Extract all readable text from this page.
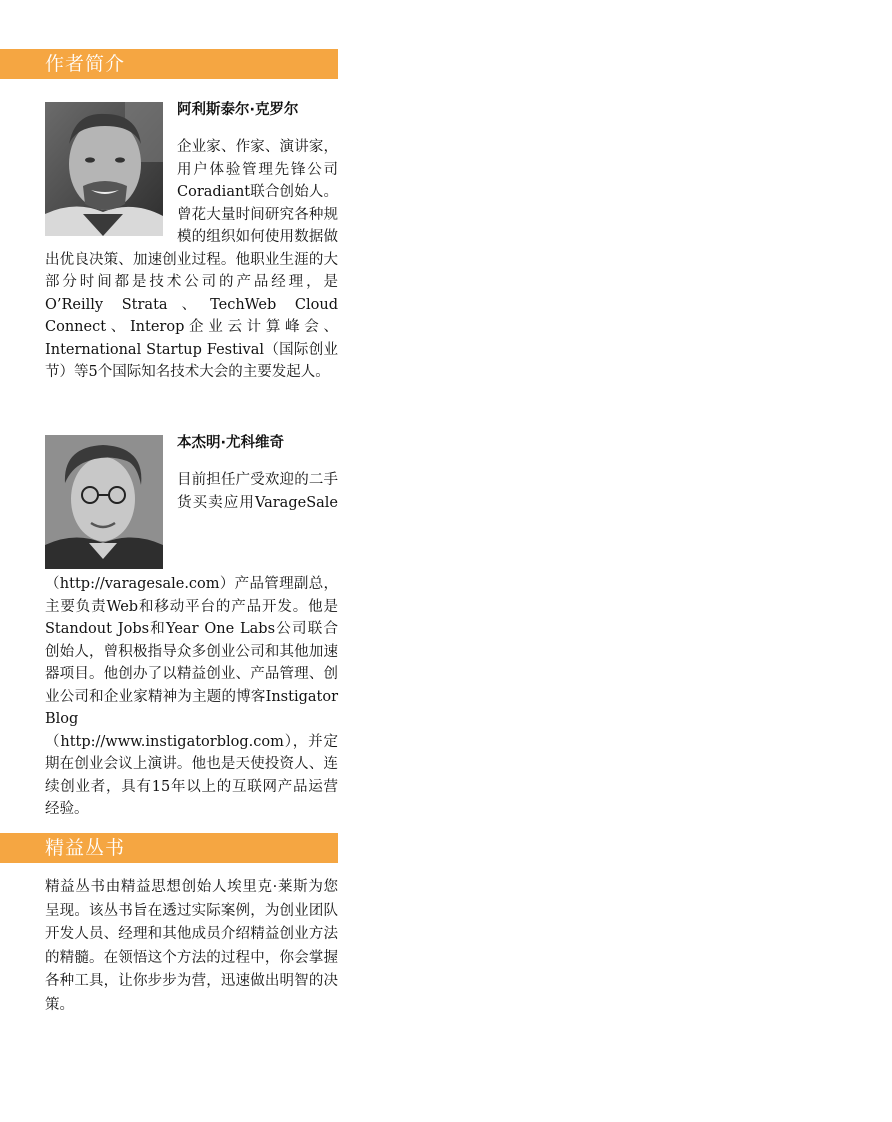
作者简介
阿利斯泰尔·克罗尔

企业家、作家、演讲家，用户体验管理先锋公司Coradiant联合创始人。曾花大量时间研究各种规模的组织如何使用数据做出优良决策、加速创业过程。他职业生涯的大部分时间都是技术公司的产品经理，是O’Reilly Strata、TechWeb Cloud Connect、Interop企业云计算峰会、International Startup Festival（国际创业节）等5个国际知名技术大会的主要发起人。

本杰明·尤科维奇

目前担任广受欢迎的二手货买卖应用VarageSale（http://varagesale.com）产品管理副总，主要负责Web和移动平台的产品开发。他是Standout Jobs和Year One Labs公司联合创始人，曾积极指导众多创业公司和其他加速器项目。他创办了以精益创业、产品管理、创业公司和企业家精神为主题的博客Instigator Blog（http://www.instigatorblog.com），并定期在创业会议上演讲。他也是天使投资人、连续创业者，具有15年以上的互联网产品运营经验。

精益丛书

精益丛书由精益思想创始人埃里克·莱斯为您呈现。该丛书旨在透过实际案例，为创业团队开发人员、经理和其他成员介绍精益创业方法的精髓。在领悟这个方法的过程中，你会掌握各种工具，让你步步为营，迅速做出明智的决策。
